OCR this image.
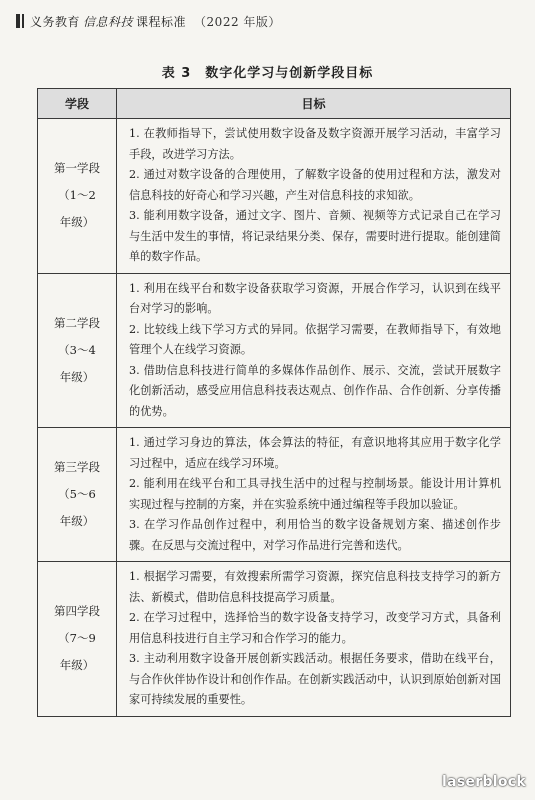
义务教育 信息科技 课程标准 （2022 年版）
表 3　数字化学习与创新学段目标
学段	目标
第一学段
（1～2
年级）
1. 在教师指导下，尝试使用数字设备及数字资源开展学习活动，丰富学习手段，改进学习方法。
2. 通过对数字设备的合理使用，了解数字设备的使用过程和方法，激发对信息科技的好奇心和学习兴趣，产生对信息科技的求知欲。
3. 能利用数字设备，通过文字、图片、音频、视频等方式记录自己在学习与生活中发生的事情，将记录结果分类、保存，需要时进行提取。能创建简单的数字作品。
第二学段
（3～4
年级）
1. 利用在线平台和数字设备获取学习资源，开展合作学习，认识到在线平台对学习的影响。
2. 比较线上线下学习方式的异同。依据学习需要，在教师指导下，有效地管理个人在线学习资源。
3. 借助信息科技进行简单的多媒体作品创作、展示、交流，尝试开展数字化创新活动，感受应用信息科技表达观点、创作作品、合作创新、分享传播的优势。
第三学段
（5～6
年级）
1. 通过学习身边的算法，体会算法的特征，有意识地将其应用于数字化学习过程中，适应在线学习环境。
2. 能利用在线平台和工具寻找生活中的过程与控制场景。能设计用计算机实现过程与控制的方案，并在实验系统中通过编程等手段加以验证。
3. 在学习作品创作过程中，利用恰当的数字设备规划方案、描述创作步骤。在反思与交流过程中，对学习作品进行完善和迭代。
第四学段
（7～9
年级）
1. 根据学习需要，有效搜索所需学习资源，探究信息科技支持学习的新方法、新模式，借助信息科技提高学习质量。
2. 在学习过程中，选择恰当的数字设备支持学习，改变学习方式，具备利用信息科技进行自主学习和合作学习的能力。
3. 主动利用数字设备开展创新实践活动。根据任务要求，借助在线平台，与合作伙伴协作设计和创作作品。在创新实践活动中，认识到原始创新对国家可持续发展的重要性。
laserblock
